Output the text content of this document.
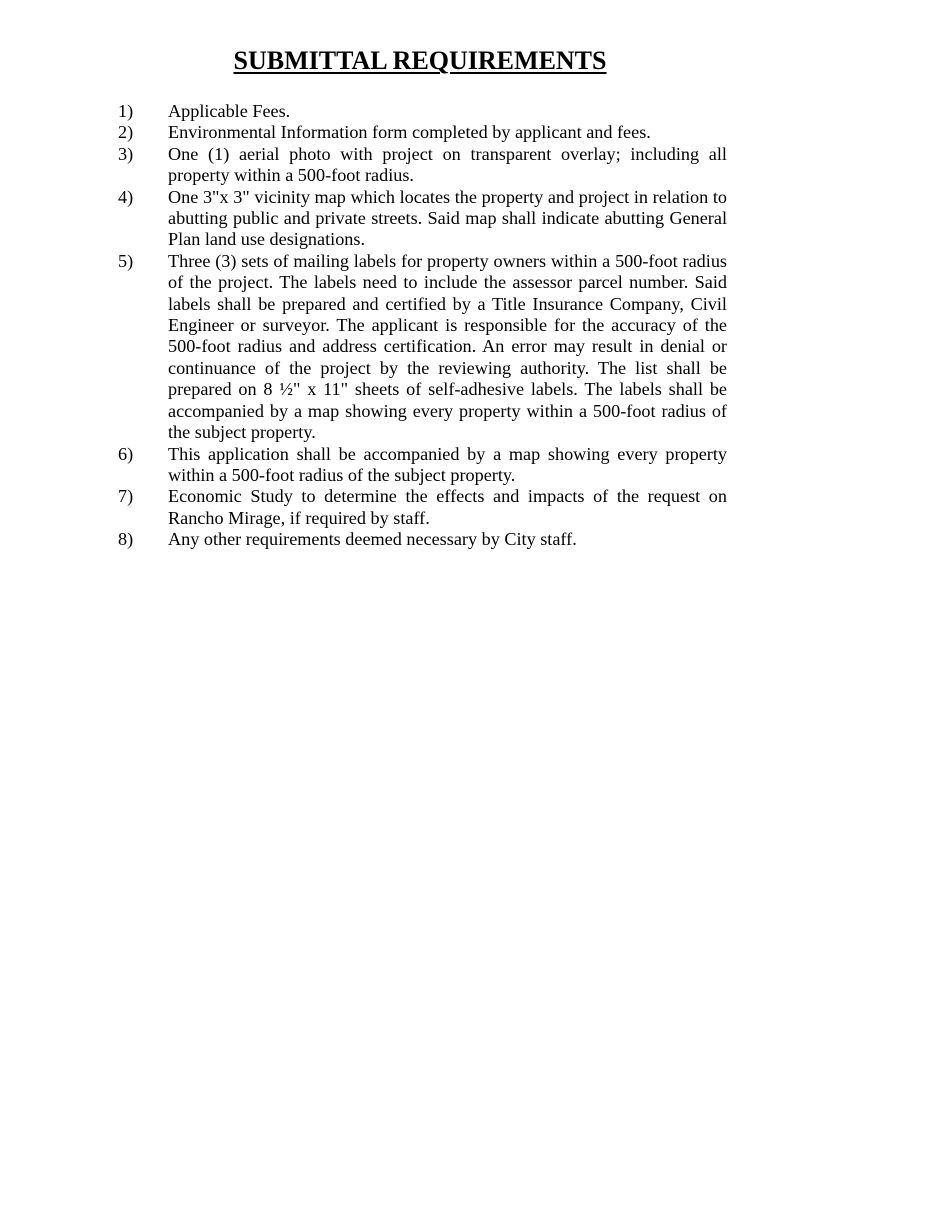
SUBMITTAL REQUIREMENTS
1)	Applicable Fees.
2)	Environmental Information form completed by applicant and fees.
3)	One (1) aerial photo with project on transparent overlay; including all property within a 500-foot radius.
4)	One 3"x 3" vicinity map which locates the property and project in relation to abutting public and private streets. Said map shall indicate abutting General Plan land use designations.
5)	Three (3) sets of mailing labels for property owners within a 500-foot radius of the project. The labels need to include the assessor parcel number. Said labels shall be prepared and certified by a Title Insurance Company, Civil Engineer or surveyor. The applicant is responsible for the accuracy of the 500-foot radius and address certification. An error may result in denial or continuance of the project by the reviewing authority. The list shall be prepared on 8 ½" x 11" sheets of self-adhesive labels. The labels shall be accompanied by a map showing every property within a 500-foot radius of the subject property.
6)	This application shall be accompanied by a map showing every property within a 500-foot radius of the subject property.
7)	Economic Study to determine the effects and impacts of the request on Rancho Mirage, if required by staff.
8)	Any other requirements deemed necessary by City staff.
